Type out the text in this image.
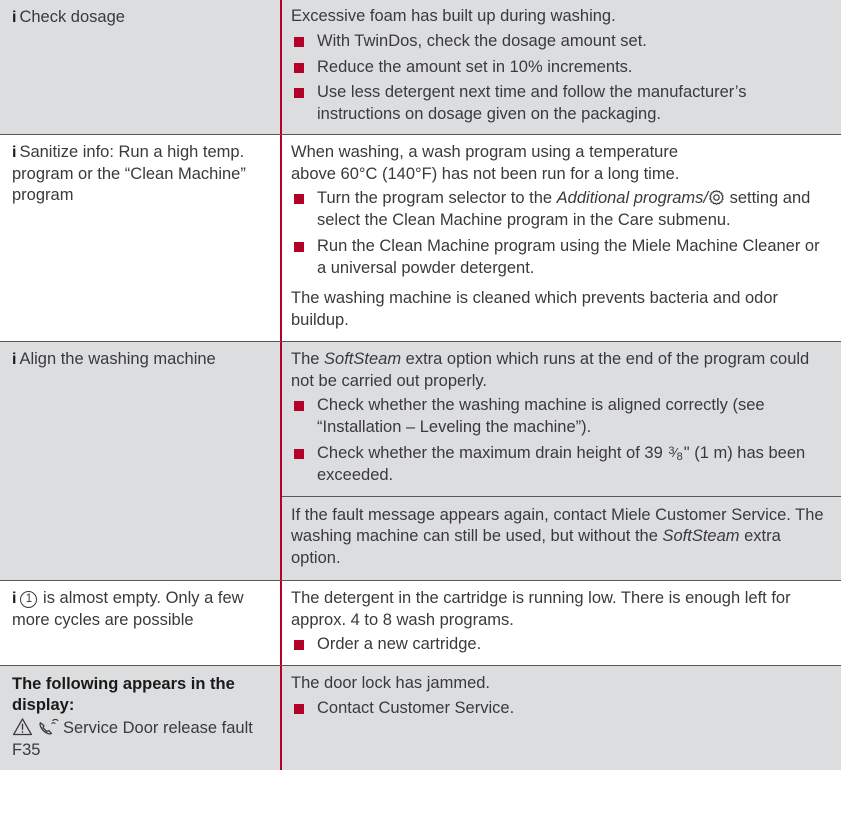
i Check dosage	Excessive foam has built up during washing.

With TwinDos, check the dosage amount set.
Reduce the amount set in 10% increments.
Use less detergent next time and follow the manufacturer’s instructions on dosage given on the packaging.
i Sanitize info: Run a high temp. program or the “Clean Machine” program

When washing, a wash program using a temperature

above 60°C (140°F) has not been run for a long time.

Turn the program selector to the Additional programs/
setting and select the Clean Machine program in the Care submenu.
Run the Clean Machine program using the Miele Machine Cleaner or a universal powder detergent.

The washing machine is cleaned which prevents bacteria and odor buildup.

i Align the washing machine	The SoftSteam extra option which runs at the end of the program could not be carried out properly.

Check whether the washing machine is aligned correctly (see “Installation – Leveling the machine”).
Check whether the maximum drain height of 39 3⁄8" (1 m) has been exceeded.

If the fault message appears again, contact Miele Customer Service. The washing machine can still be used, but without the SoftSteam extra option.

i 1 is almost empty. Only a few more cycles are possible

The detergent in the cartridge is running low. There is enough left for approx. 4 to 8 wash programs.

Order a new cartridge.
The following appears in the display:
Service Door release fault F35

The door lock has jammed.

Contact Customer Service.
